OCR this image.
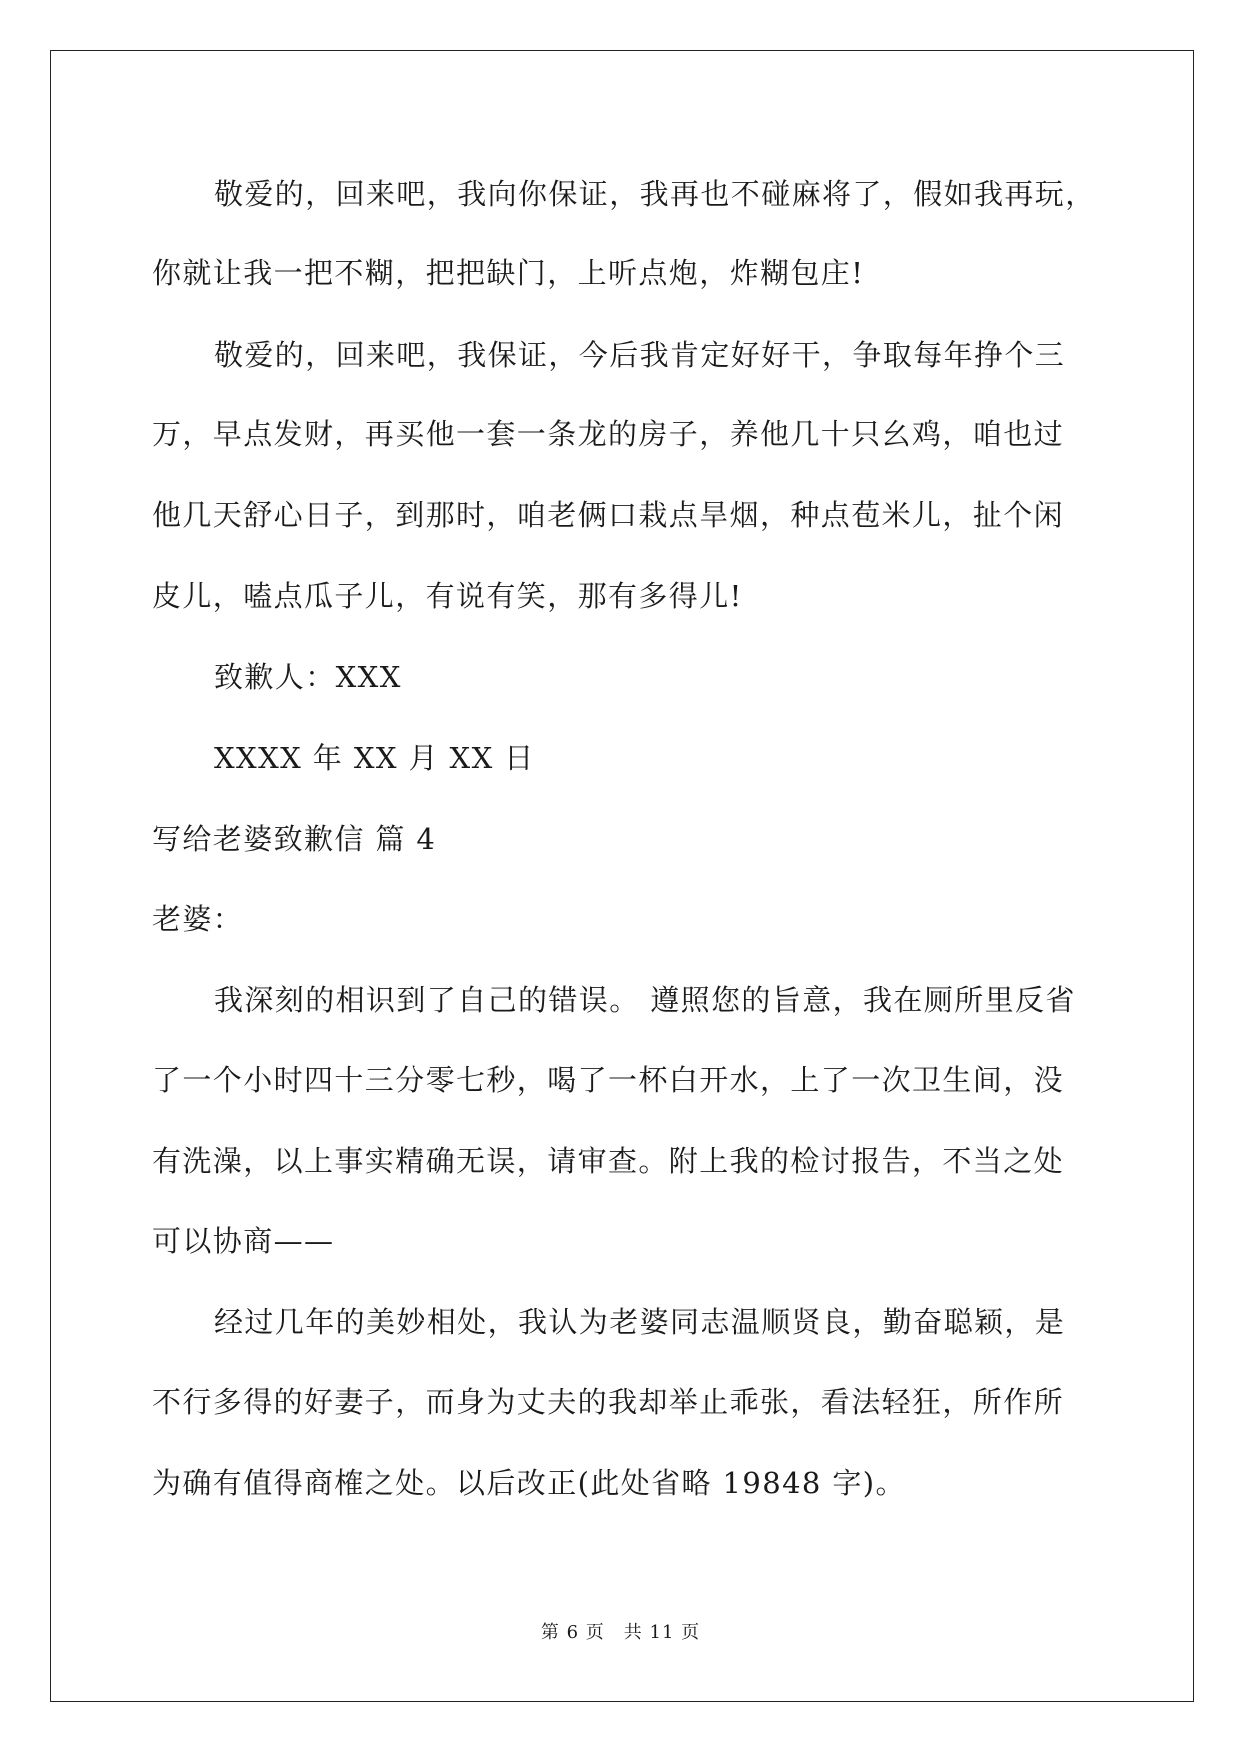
敬爱的，回来吧，我向你保证，我再也不碰麻将了，假如我再玩，
你就让我一把不糊，把把缺门，上听点炮，炸糊包庄!
敬爱的，回来吧，我保证，今后我肯定好好干，争取每年挣个三
万，早点发财，再买他一套一条龙的房子，养他几十只幺鸡，咱也过
他几天舒心日子，到那时，咱老俩口栽点旱烟，种点苞米儿，扯个闲
皮儿，嗑点瓜子儿，有说有笑，那有多得儿!
致歉人：XXX
XXXX 年 XX 月 XX 日
写给老婆致歉信 篇 4
老婆：
我深刻的相识到了自己的错误。 遵照您的旨意，我在厕所里反省
了一个小时四十三分零七秒，喝了一杯白开水，上了一次卫生间，没
有洗澡，以上事实精确无误，请审查。附上我的检讨报告，不当之处
可以协商——
经过几年的美妙相处，我认为老婆同志温顺贤良，勤奋聪颖，是
不行多得的好妻子，而身为丈夫的我却举止乖张，看法轻狂，所作所
为确有值得商榷之处。以后改正(此处省略 19848 字)。
第 6 页　共 11 页
